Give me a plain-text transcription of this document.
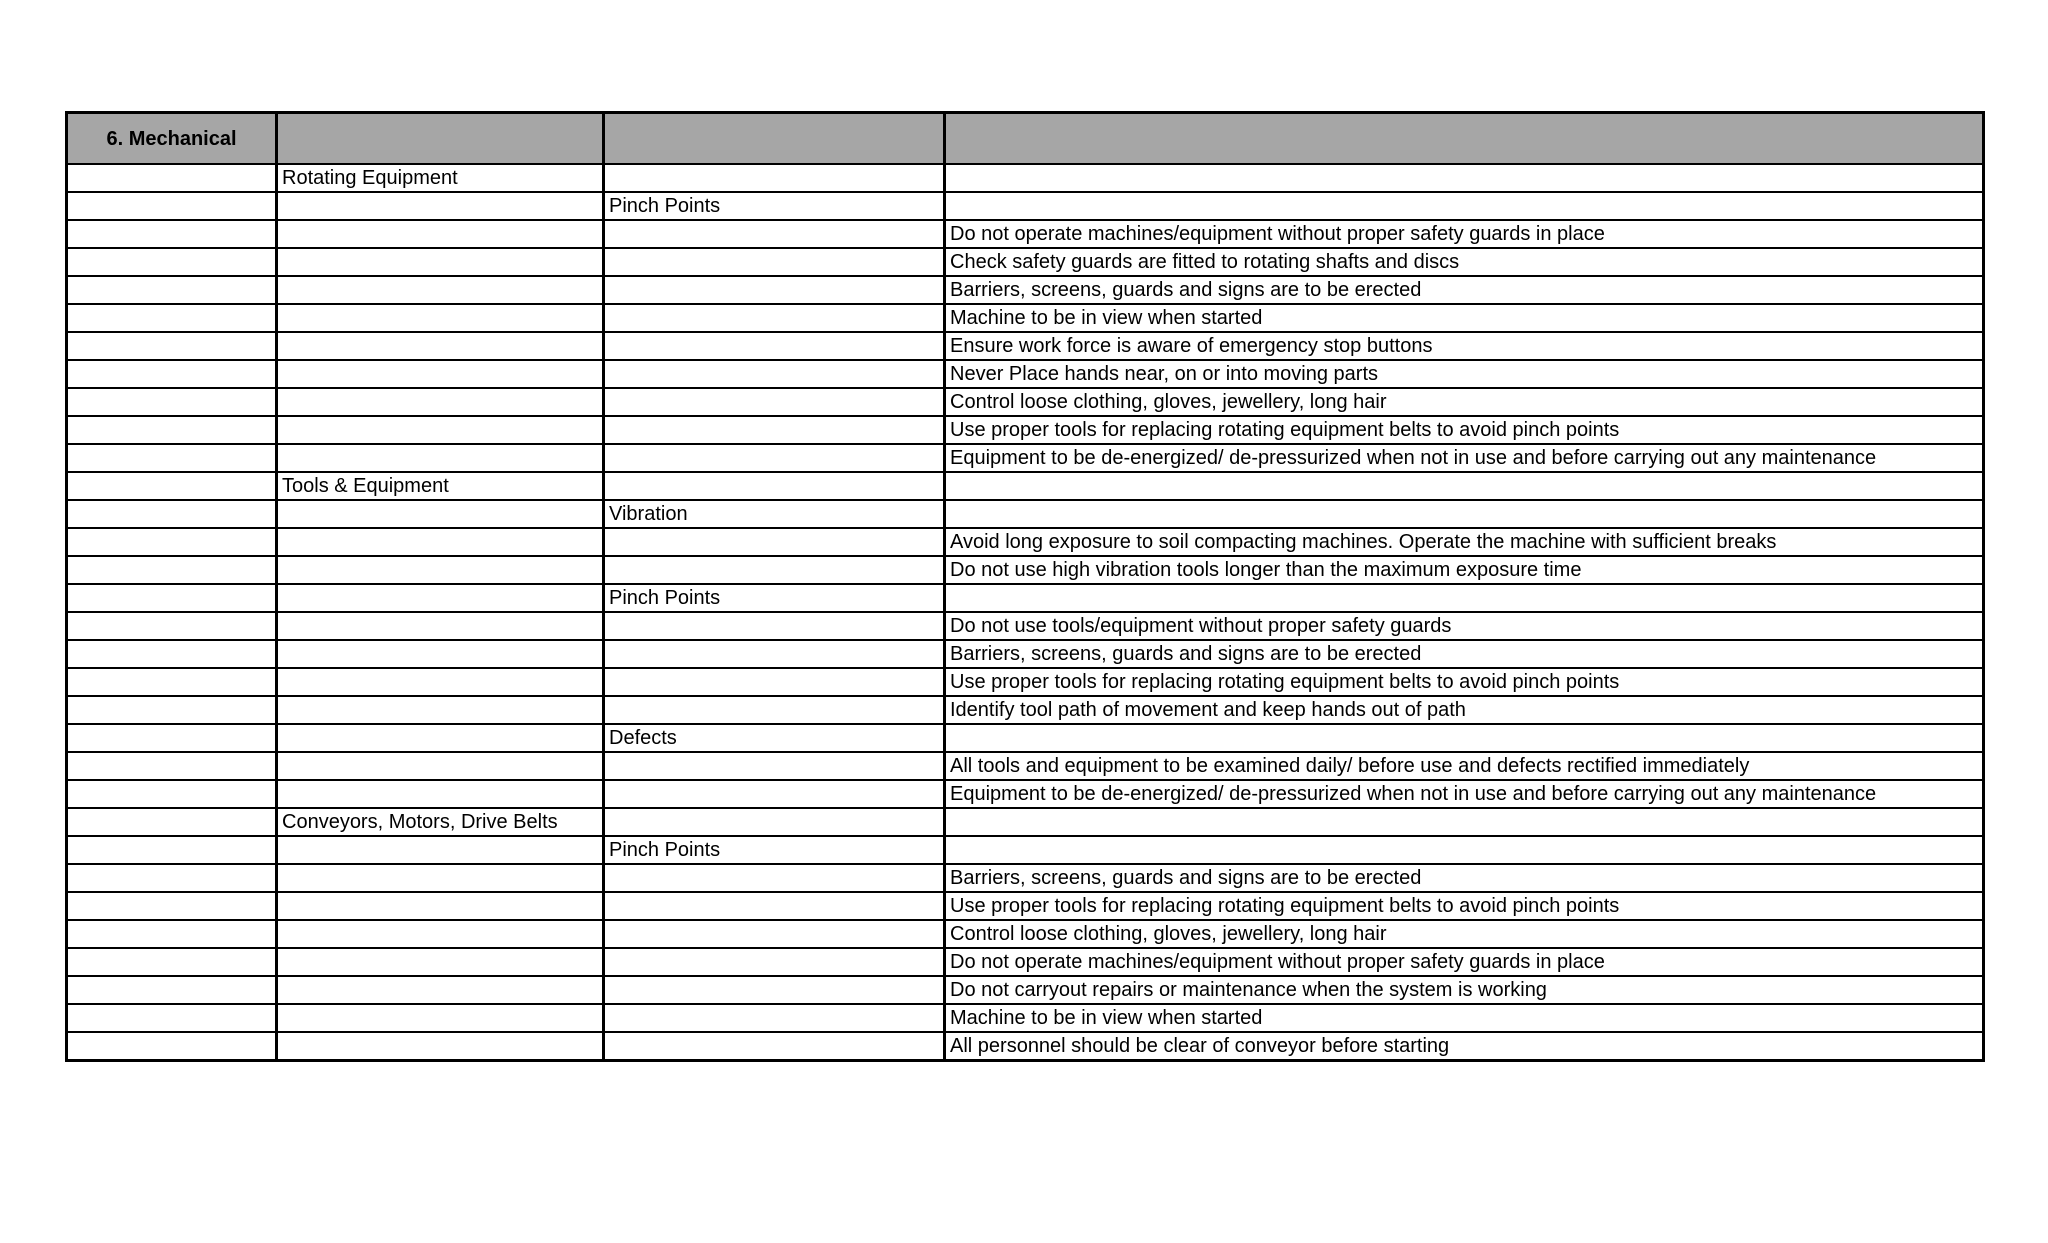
6. Mechanical			
	Rotating Equipment		
		Pinch Points	
			Do not operate machines/equipment without proper safety guards in place
			Check safety guards are fitted to rotating shafts and discs
			Barriers, screens, guards and signs are to be erected
			Machine to be in view when started
			Ensure work force is aware of emergency stop buttons
			Never Place hands near, on or into moving parts
			Control loose clothing, gloves, jewellery, long hair
			Use proper tools for replacing rotating equipment belts to avoid pinch points
			Equipment to be de-energized/ de-pressurized when not in use and before carrying out any maintenance
	Tools & Equipment		
		Vibration	
			Avoid long exposure to soil compacting machines. Operate the machine with sufficient breaks
			Do not use high vibration tools longer than the maximum exposure time
		Pinch Points	
			Do not use tools/equipment without proper safety guards
			Barriers, screens, guards and signs are to be erected
			Use proper tools for replacing rotating equipment belts to avoid pinch points
			Identify tool path of movement and keep hands out of path
		Defects	
			All tools and equipment to be examined daily/ before use and defects rectified immediately
			Equipment to be de-energized/ de-pressurized when not in use and before carrying out any maintenance
	Conveyors, Motors, Drive Belts		
		Pinch Points	
			Barriers, screens, guards and signs are to be erected
			Use proper tools for replacing rotating equipment belts to avoid pinch points
			Control loose clothing, gloves, jewellery, long hair
			Do not operate machines/equipment without proper safety guards in place
			Do not carryout repairs or maintenance when the system is working
			Machine to be in view when started
			All personnel should be clear of conveyor before starting
